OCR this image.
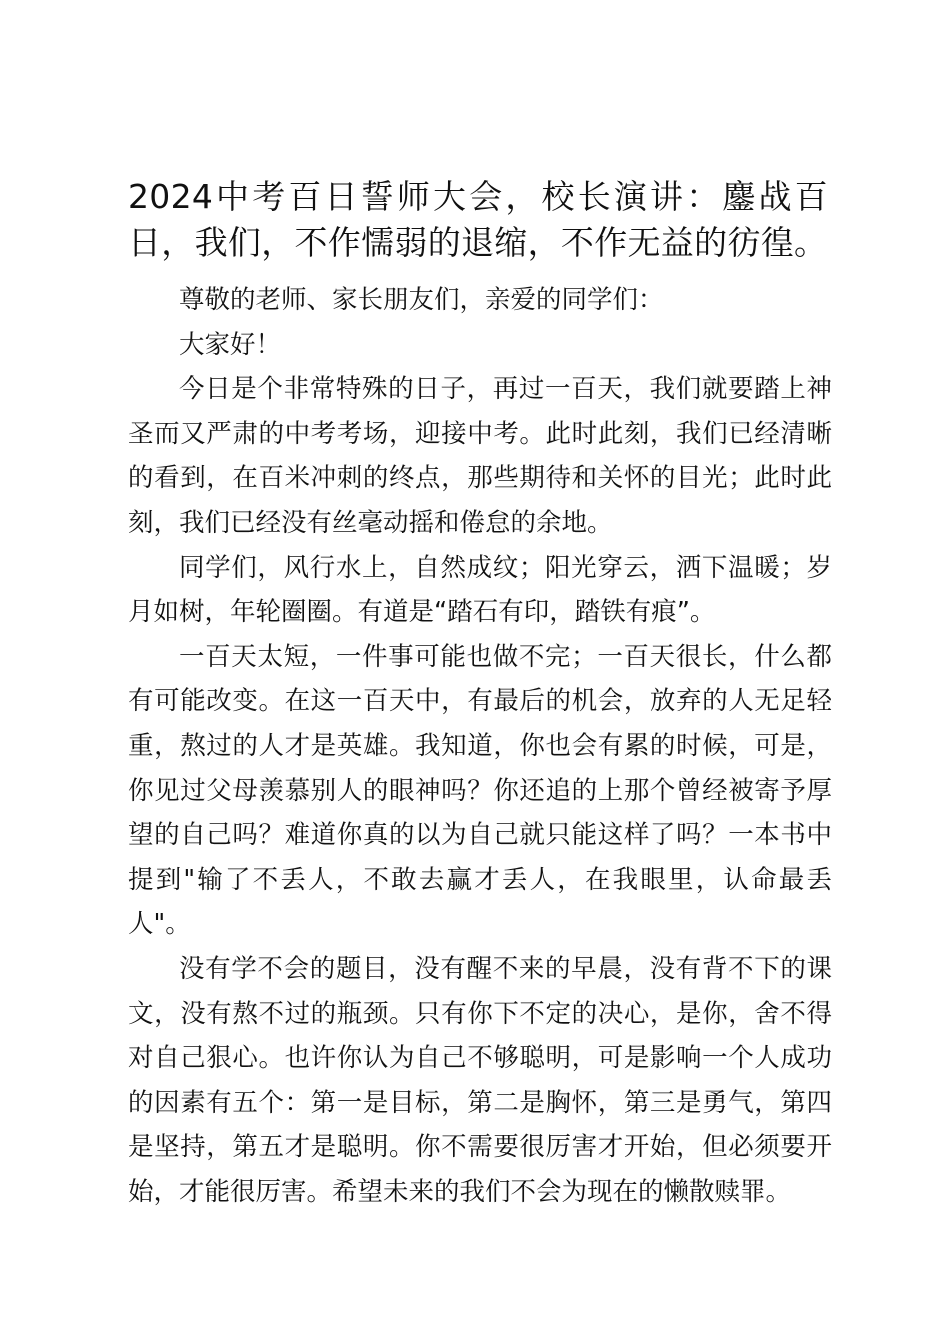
2024中考百日誓师大会，校长演讲：鏖战百日，我们，不作懦弱的退缩，不作无益的彷徨。

尊敬的老师、家长朋友们，亲爱的同学们：

大家好！

今日是个非常特殊的日子，再过一百天，我们就要踏上神圣而又严肃的中考考场，迎接中考。此时此刻，我们已经清晰的看到，在百米冲刺的终点，那些期待和关怀的目光；此时此刻，我们已经没有丝毫动摇和倦怠的余地。

同学们，风行水上，自然成纹；阳光穿云，洒下温暖；岁月如树，年轮圈圈。有道是“踏石有印，踏铁有痕”。

一百天太短，一件事可能也做不完；一百天很长，什么都有可能改变。在这一百天中，有最后的机会，放弃的人无足轻重，熬过的人才是英雄。我知道，你也会有累的时候，可是，你见过父母羡慕别人的眼神吗？你还追的上那个曾经被寄予厚望的自己吗？难道你真的以为自己就只能这样了吗？一本书中提到"输了不丢人，不敢去赢才丢人，在我眼里，认命最丢人"。

没有学不会的题目，没有醒不来的早晨，没有背不下的课文，没有熬不过的瓶颈。只有你下不定的决心，是你，舍不得对自己狠心。也许你认为自己不够聪明，可是影响一个人成功的因素有五个：第一是目标，第二是胸怀，第三是勇气，第四是坚持，第五才是聪明。你不需要很厉害才开始，但必须要开始，才能很厉害。希望未来的我们不会为现在的懒散赎罪。
